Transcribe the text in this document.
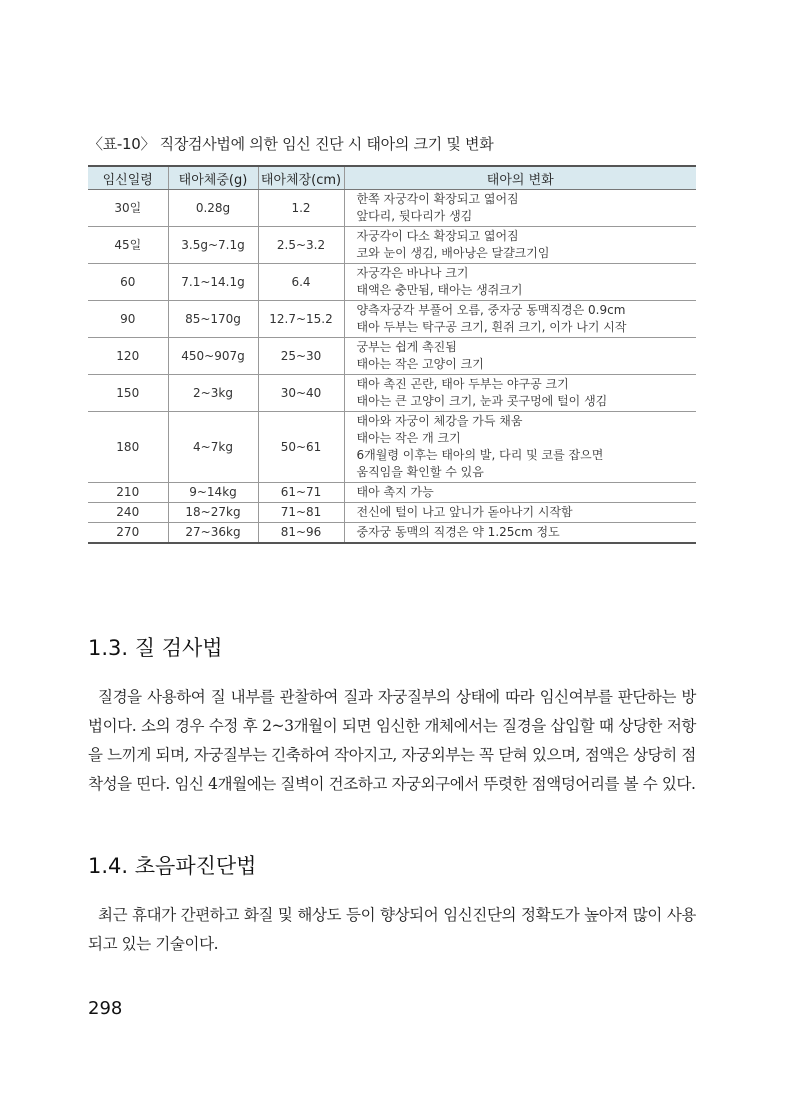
〈표-10〉 직장검사법에 의한 임신 진단 시 태아의 크기 및 변화
임신일령	태아체중(g)	태아체장(cm)	태아의 변화
30일	0.28g	1.2	한쪽 자궁각이 확장되고 엷어짐
앞다리, 뒷다리가 생김

45일	3.5g~7.1g	2.5~3.2	자궁각이 다소 확장되고 엷어짐
코와 눈이 생김, 배아낭은 달걀크기임

60	7.1~14.1g	6.4	자궁각은 바나나 크기
태액은 충만됨, 태아는 생쥐크기

90	85~170g	12.7~15.2	양측자궁각 부풀어 오름, 중자궁 동맥직경은 0.9cm
태아 두부는 탁구공 크기, 흰쥐 크기, 이가 나기 시작

120	450~907g	25~30	궁부는 쉽게 촉진됨
태아는 작은 고양이 크기

150	2~3kg	30~40	태아 촉진 곤란, 태아 두부는 야구공 크기
태아는 큰 고양이 크기, 눈과 콧구멍에 털이 생김

180	4~7kg	50~61	태아와 자궁이 체강을 가득 채움
태아는 작은 개 크기
6개월령 이후는 태아의 발, 다리 및 코를 잡으면
움직임을 확인할 수 있음

210	9~14kg	61~71	태아 촉지 가능

240	18~27kg	71~81	전신에 털이 나고 앞니가 돋아나기 시작함

270	27~36kg	81~96	중자궁 동맥의 직경은 약 1.25cm 정도
1.3. 질 검사법

질경을 사용하여 질 내부를 관찰하여 질과 자궁질부의 상태에 따라 임신여부를 판단하는 방법이다. 소의 경우 수정 후 2~3개월이 되면 임신한 개체에서는 질경을 삽입할 때 상당한 저항을 느끼게 되며, 자궁질부는 긴축하여 작아지고, 자궁외부는 꼭 닫혀 있으며, 점액은 상당히 점착성을 띤다. 임신 4개월에는 질벽이 건조하고 자궁외구에서 뚜렷한 점액덩어리를 볼 수 있다.

1.4. 초음파진단법

최근 휴대가 간편하고 화질 및 해상도 등이 향상되어 임신진단의 정확도가 높아져 많이 사용되고 있는 기술이다.

298
